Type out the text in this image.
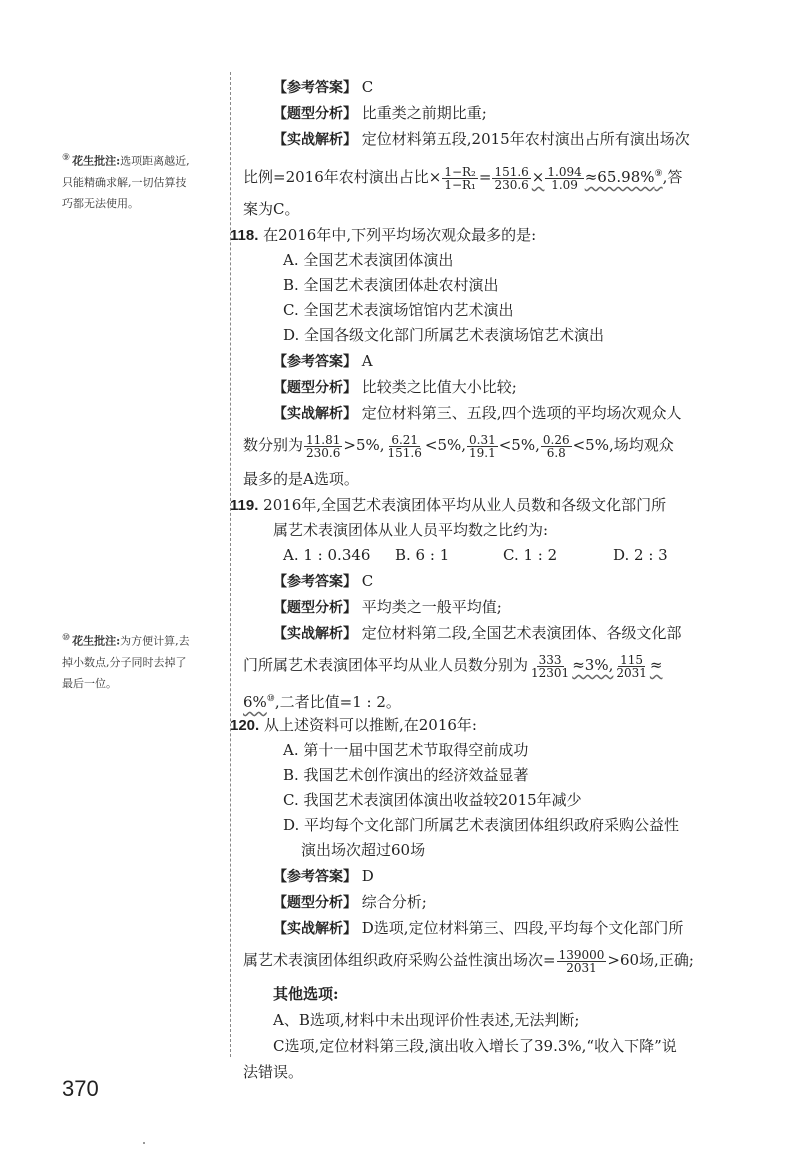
⑨ 花生批注:选项距离越近,
只能精确求解,一切估算技
巧都无法使用。
⑩ 花生批注:为方便计算,去
掉小数点,分子同时去掉了
最后一位。
【参考答案】 C
【题型分析】 比重类之前期比重;
【实战解析】 定位材料第五段,2015年农村演出占所有演出场次
比例=2016年农村演出占比× $\frac{\text{1−R₂}}{\text{1−R₁}} = \frac{151.6}{230.6} \times \frac{1.094}{1.09} \approx 65.98\%^⑨$,答
案为C。
118. 在2016年中,下列平均场次观众最多的是:
A. 全国艺术表演团体演出
B. 全国艺术表演团体赴农村演出
C. 全国艺术表演场馆馆内艺术演出
D. 全国各级文化部门所属艺术表演场馆艺术演出
【参考答案】 A
【题型分析】 比较类之比值大小比较;
【实战解析】 定位材料第三、五段,四个选项的平均场次观众人
数分别为 $\frac{11.81}{230.6} >5\%$, $\frac{6.21}{151.6} <5\%$, $\frac{0.31}{19.1} <5\%$, $\frac{0.26}{6.8} <5\%$,场均观众
最多的是A选项。
119. 2016年,全国艺术表演团体平均从业人员数和各级文化部门所
属艺术表演团体从业人员平均数之比约为:
A. 1 : 0.346 B. 6 : 1	C. 1 : 2	D. 2 : 3
【参考答案】 C
【题型分析】 平均类之一般平均值;
【实战解析】 定位材料第二段,全国艺术表演团体、各级文化部
门所属艺术表演团体平均从业人员数分别为 $\frac{333}{12301} \approx 3\%$, $\frac{115}{2031}$ ≈
6%⑩,二者比值=1 : 2。
120. 从上述资料可以推断,在2016年:
A. 第十一届中国艺术节取得空前成功
B. 我国艺术创作演出的经济效益显著
C. 我国艺术表演团体演出收益较2015年减少
D. 平均每个文化部门所属艺术表演团体组织政府采购公益性
演出场次超过60场
【参考答案】 D
【题型分析】 综合分析;
【实战解析】 D选项,定位材料第三、四段,平均每个文化部门所
属艺术表演团体组织政府采购公益性演出场次= $\frac{139000}{2031} >60$场,正确;
其他选项:
A、B选项,材料中未出现评价性表述,无法判断;
C选项,定位材料第三段,演出收入增长了39.3%,“收入下降”说
法错误。
370
